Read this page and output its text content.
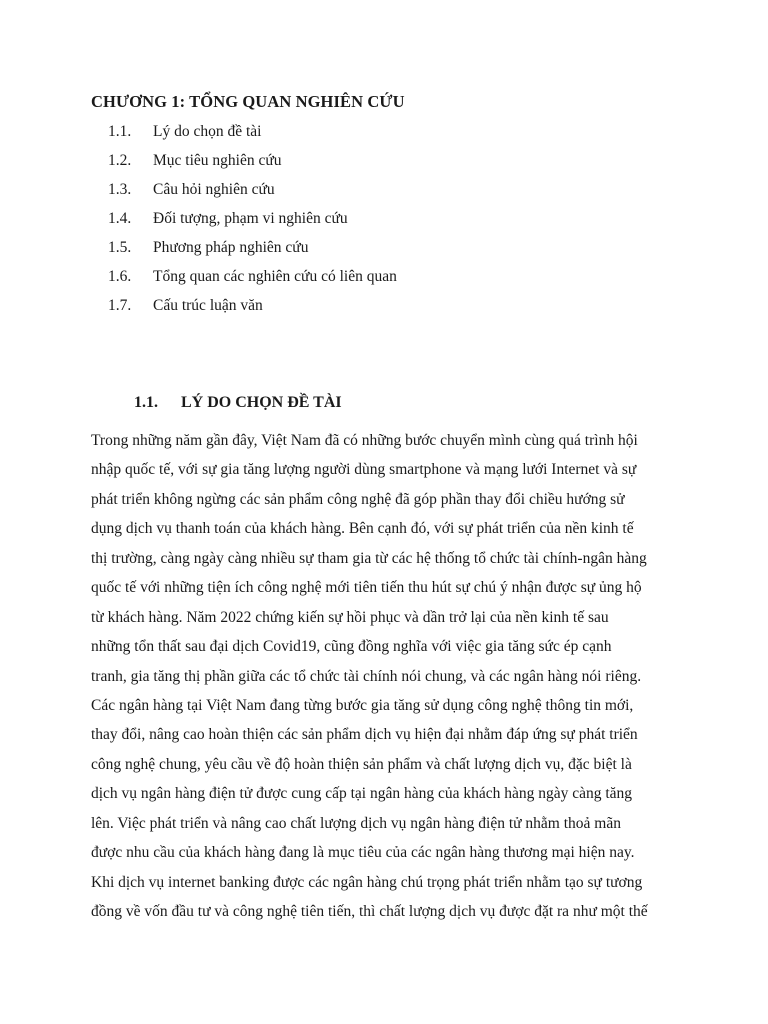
CHƯƠNG 1: TỔNG QUAN NGHIÊN CỨU
1.1.	Lý do chọn đề tài
1.2.	Mục tiêu nghiên cứu
1.3.	Câu hỏi nghiên cứu
1.4.	Đối tượng, phạm vi nghiên cứu
1.5.	Phương pháp nghiên cứu
1.6.	Tổng quan các nghiên cứu có liên quan
1.7.	Cấu trúc luận văn
1.1.	LÝ DO CHỌN ĐỀ TÀI
Trong những năm gần đây, Việt Nam đã có những bước chuyển mình cùng quá trình hội
nhập quốc tế, với sự gia tăng lượng người dùng smartphone và mạng lưới Internet và sự
phát triển không ngừng các sản phẩm công nghệ đã góp phần thay đổi chiều hướng sử
dụng dịch vụ thanh toán của khách hàng. Bên cạnh đó, với sự phát triển của nền kinh tế
thị trường, càng ngày càng nhiều sự tham gia từ các hệ thống tổ chức tài chính-ngân hàng
quốc tế với những tiện ích công nghệ mới tiên tiến thu hút sự chú ý nhận được sự ủng hộ
từ khách hàng. Năm 2022 chứng kiến sự hồi phục và dần trở lại của nền kinh tế sau
những tổn thất sau đại dịch Covid19, cũng đồng nghĩa với việc gia tăng sức ép cạnh
tranh, gia tăng thị phần giữa các tổ chức tài chính nói chung, và các ngân hàng nói riêng.
Các ngân hàng tại Việt Nam đang từng bước gia tăng sử dụng công nghệ thông tin mới,
thay đổi, nâng cao hoàn thiện các sản phẩm dịch vụ hiện đại nhằm đáp ứng sự phát triển
công nghệ chung, yêu cầu về độ hoàn thiện sản phẩm và chất lượng dịch vụ, đặc biệt là
dịch vụ ngân hàng điện tử được cung cấp tại ngân hàng của khách hàng ngày càng tăng
lên. Việc phát triển và nâng cao chất lượng dịch vụ ngân hàng điện tử nhằm thoả mãn
được nhu cầu của khách hàng đang là mục tiêu của các ngân hàng thương mại hiện nay.
Khi dịch vụ internet banking được các ngân hàng chú trọng phát triển nhằm tạo sự tương
đồng về vốn đầu tư và công nghệ tiên tiến, thì chất lượng dịch vụ được đặt ra như một thế
